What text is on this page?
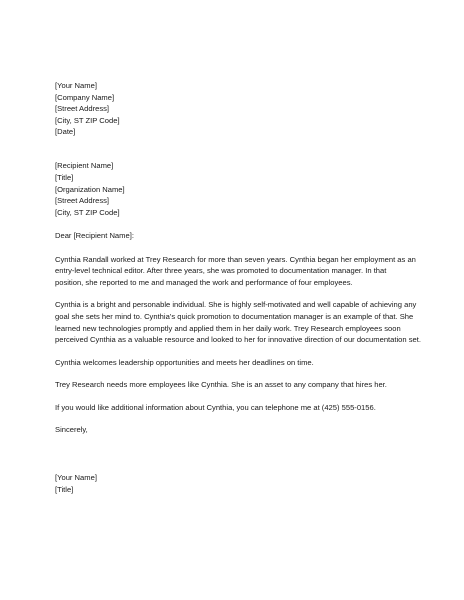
[Your Name]
[Company Name]
[Street Address]
[City, ST ZIP Code]
[Date]
[Recipient Name]
[Title]
[Organization Name]
[Street Address]
[City, ST ZIP Code]
Dear [Recipient Name]:
Cynthia Randall worked at Trey Research for more than seven years. Cynthia began her employment as an
entry-level technical editor. After three years, she was promoted to documentation manager. In that
position, she reported to me and managed the work and performance of four employees.
Cynthia is a bright and personable individual. She is highly self-motivated and well capable of achieving any
goal she sets her mind to. Cynthia’s quick promotion to documentation manager is an example of that. She
learned new technologies promptly and applied them in her daily work. Trey Research employees soon
perceived Cynthia as a valuable resource and looked to her for innovative direction of our documentation set.
Cynthia welcomes leadership opportunities and meets her deadlines on time.
Trey Research needs more employees like Cynthia. She is an asset to any company that hires her.
If you would like additional information about Cynthia, you can telephone me at (425) 555-0156.
Sincerely,
[Your Name]
[Title]
